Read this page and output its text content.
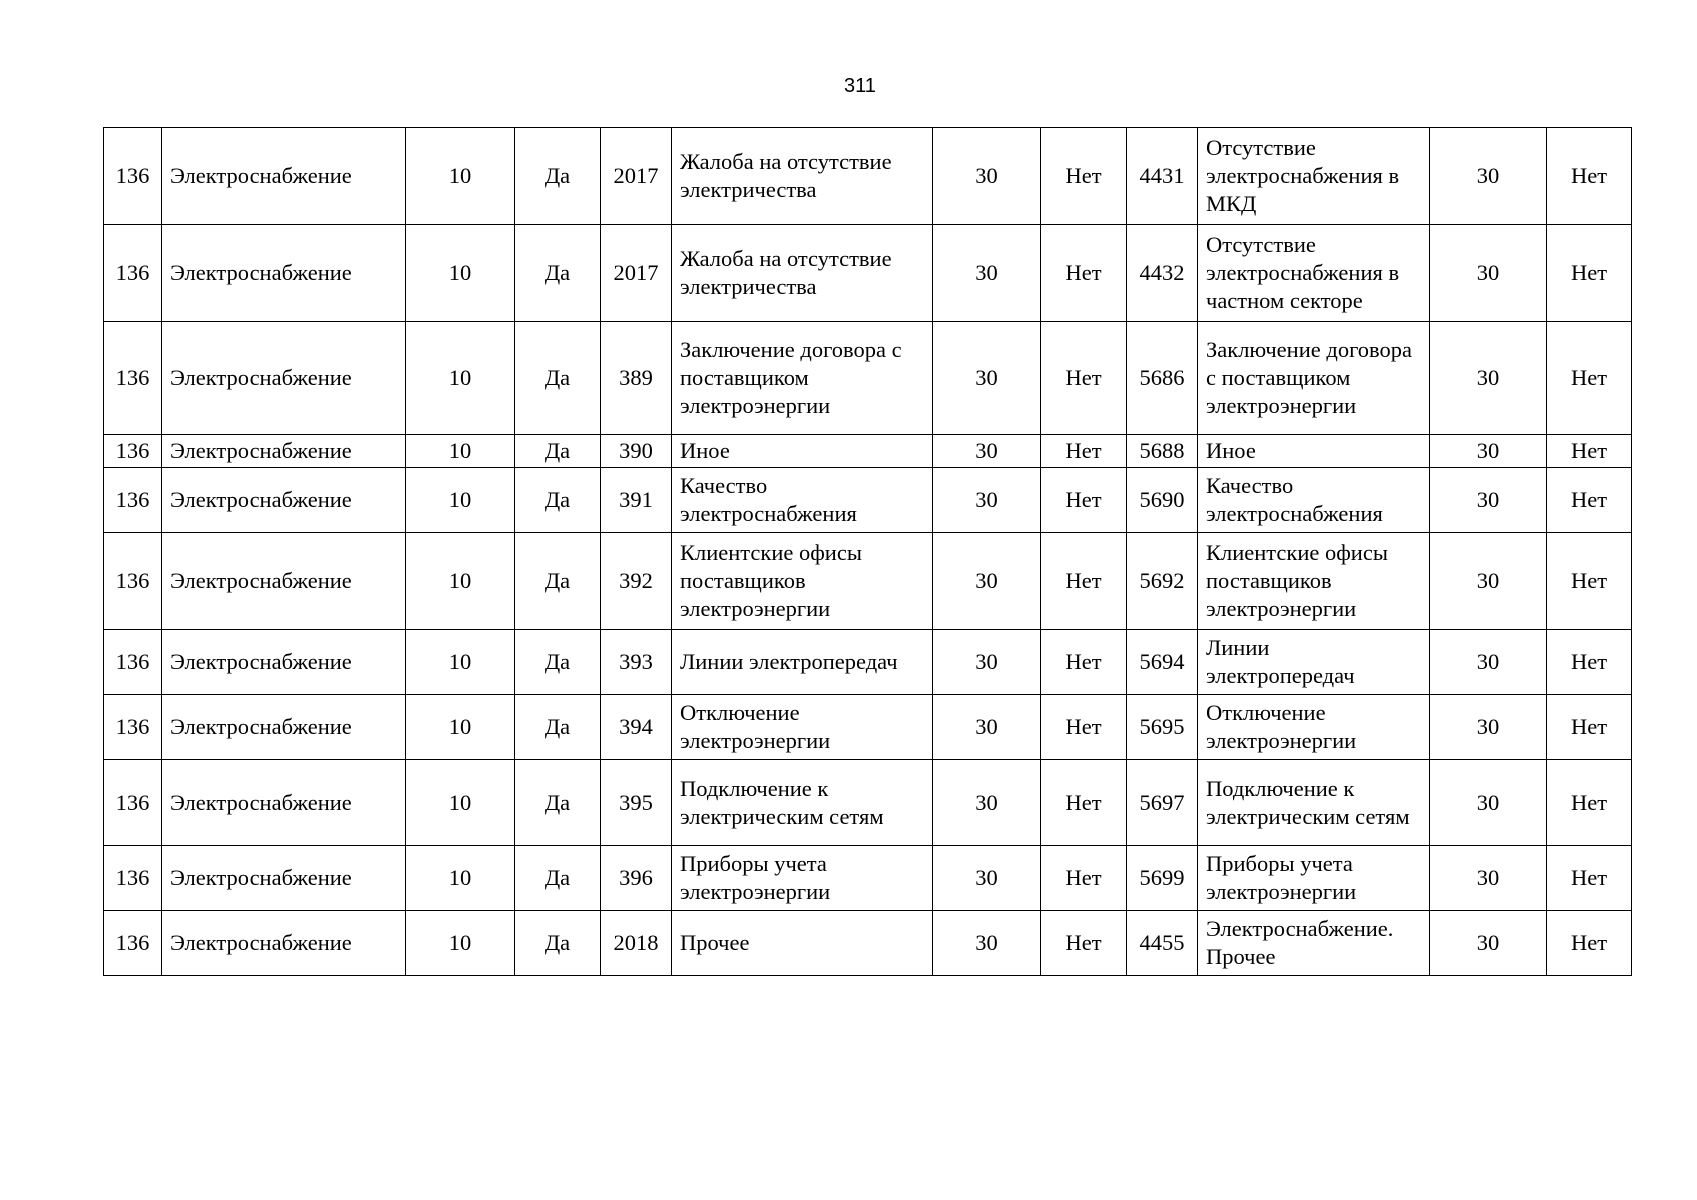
311
136	Электроснабжение	10	Да	2017	Жалоба на отсутствие электричества	30	Нет	4431	Отсутствие электроснабжения в МКД	30	Нет
136	Электроснабжение	10	Да	2017	Жалоба на отсутствие электричества	30	Нет	4432	Отсутствие электроснабжения в частном секторе	30	Нет
136	Электроснабжение	10	Да	389	Заключение договора с поставщиком электроэнергии	30	Нет	5686	Заключение договора с поставщиком электроэнергии	30	Нет
136	Электроснабжение	10	Да	390	Иное	30	Нет	5688	Иное	30	Нет
136	Электроснабжение	10	Да	391	Качество электроснабжения	30	Нет	5690	Качество электроснабжения	30	Нет
136	Электроснабжение	10	Да	392	Клиентские офисы поставщиков электроэнергии	30	Нет	5692	Клиентские офисы поставщиков электроэнергии	30	Нет
136	Электроснабжение	10	Да	393	Линии электропередач	30	Нет	5694	Линии электропередач	30	Нет
136	Электроснабжение	10	Да	394	Отключение электроэнергии	30	Нет	5695	Отключение электроэнергии	30	Нет
136	Электроснабжение	10	Да	395	Подключение к электрическим сетям	30	Нет	5697	Подключение к электрическим сетям	30	Нет
136	Электроснабжение	10	Да	396	Приборы учета электроэнергии	30	Нет	5699	Приборы учета электроэнергии	30	Нет
136	Электроснабжение	10	Да	2018	Прочее	30	Нет	4455	Электроснабжение. Прочее	30	Нет
